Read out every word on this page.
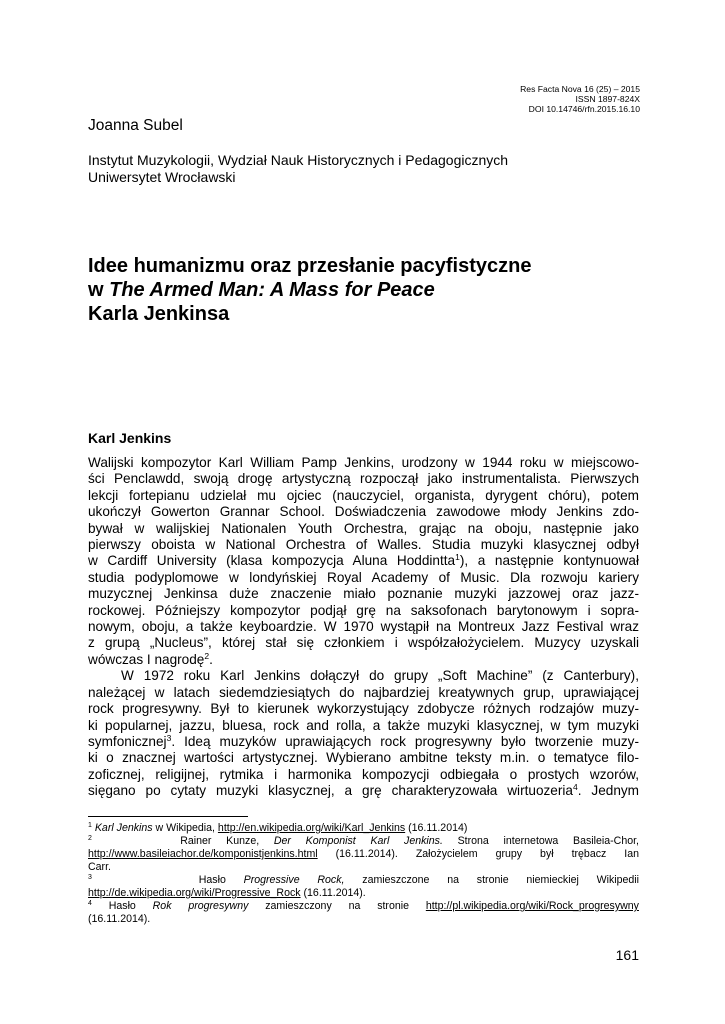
Res Facta Nova 16 (25) – 2015
ISSN 1897-824X
DOI 10.14746/rfn.2015.16.10
Joanna Subel
Instytut Muzykologii, Wydział Nauk Historycznych i Pedagogicznych
Uniwersytet Wrocławski
Idee humanizmu oraz przesłanie pacyfistyczne
w The Armed Man: A Mass for Peace
Karla Jenkinsa
Karl Jenkins
Walijski kompozytor Karl William Pamp Jenkins, urodzony w 1944 roku w miejscowo-
ści Penclawdd, swoją drogę artystyczną rozpoczął jako instrumentalista. Pierwszych
lekcji fortepianu udzielał mu ojciec (nauczyciel, organista, dyrygent chóru), potem
ukończył Gowerton Grannar School. Doświadczenia zawodowe młody Jenkins zdo-
bywał w walijskiej Nationalen Youth Orchestra, grając na oboju, następnie jako
pierwszy oboista w National Orchestra of Walles. Studia muzyki klasycznej odbył
w Cardiff University (klasa kompozycja Aluna Hoddintta$^1$), a następnie kontynuował
studia podyplomowe w londyńskiej Royal Academy of Music. Dla rozwoju kariery
muzycznej Jenkinsa duże znaczenie miało poznanie muzyki jazzowej oraz jazz-
rockowej. Późniejszy kompozytor podjął grę na saksofonach barytonowym i sopra-
nowym, oboju, a także keyboardzie. W 1970 wystąpił na Montreux Jazz Festival wraz
z grupą „Nucleus”, której stał się członkiem i współzałożycielem. Muzycy uzyskali
wówczas I nagrodę$^2$.
W 1972 roku Karl Jenkins dołączył do grupy „Soft Machine” (z Canterbury),
należącej w latach siedemdziesiątych do najbardziej kreatywnych grup, uprawiającej
rock progresywny. Był to kierunek wykorzystujący zdobycze różnych rodzajów muzy-
ki popularnej, jazzu, bluesa, rock and rolla, a także muzyki klasycznej, w tym muzyki
symfonicznej$^3$. Ideą muzyków uprawiających rock progresywny było tworzenie muzy-
ki o znacznej wartości artystycznej. Wybierano ambitne teksty m.in. o tematyce filo-
zoficznej, religijnej, rytmika i harmonika kompozycji odbiegała o prostych wzorów,
sięgano po cytaty muzyki klasycznej, a grę charakteryzowała wirtuozeria$^4$. Jednym
$^1$ Karl Jenkins w Wikipedia, http://en.wikipedia.org/wiki/Karl_Jenkins (16.11.2014)
$^2$	Rainer Kunze, Der Komponist Karl Jenkins. Strona internetowa Basileia-Chor,
http://www.basileiachor.de/komponistjenkins.html (16.11.2014). Założycielem grupy był trębacz Ian
Carr.
$^3$	Hasło Progressive Rock, zamieszczone na stronie niemieckiej Wikipedii
http://de.wikipedia.org/wiki/Progressive_Rock (16.11.2014).
$^4$ Hasło Rok progresywny zamieszczony na stronie http://pl.wikipedia.org/wiki/Rock_progresywny
(16.11.2014).
161
